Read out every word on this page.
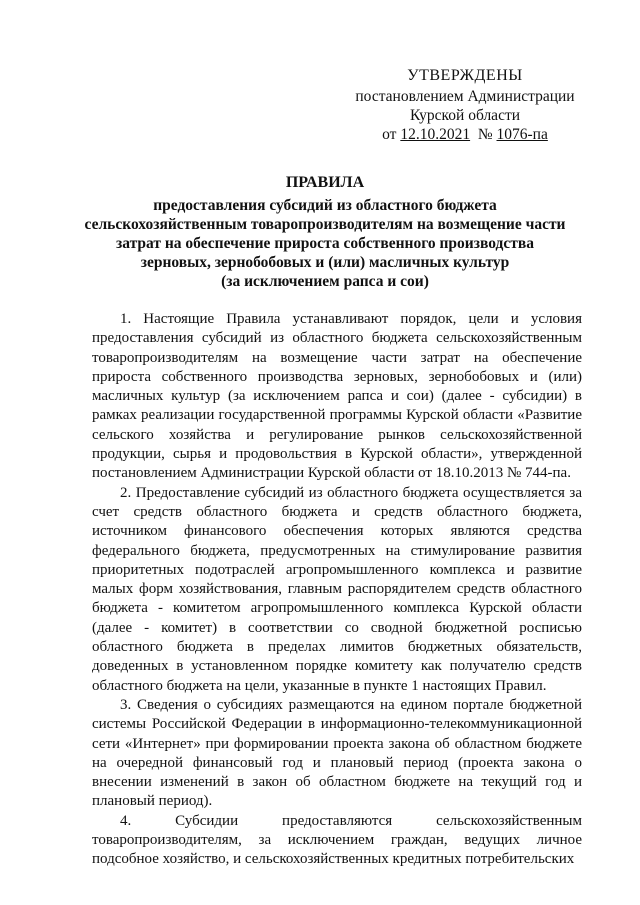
УТВЕРЖДЕНЫ
постановлением Администрации
Курской области
от 12.10.2021 № 1076-па
ПРАВИЛА
предоставления субсидий из областного бюджета
сельскохозяйственным товаропроизводителям на возмещение части
затрат на обеспечение прироста собственного производства
зерновых, зернобобовых и (или) масличных культур
(за исключением рапса и сои)

1. Настоящие Правила устанавливают порядок, цели и условия предоставления субсидий из областного бюджета сельскохозяйственным товаропроизводителям на возмещение части затрат на обеспечение прироста собственного производства зерновых, зернобобовых и (или) масличных культур (за исключением рапса и сои) (далее - субсидии) в рамках реализации государственной программы Курской области «Развитие сельского хозяйства и регулирование рынков сельскохозяйственной продукции, сырья и продовольствия в Курской области», утвержденной постановлением Администрации Курской области от 18.10.2013 № 744-па.

2. Предоставление субсидий из областного бюджета осуществляется за счет средств областного бюджета и средств областного бюджета, источником финансового обеспечения которых являются средства федерального бюджета, предусмотренных на стимулирование развития приоритетных подотраслей агропромышленного комплекса и развитие малых форм хозяйствования, главным распорядителем средств областного бюджета - комитетом агропромышленного комплекса Курской области (далее - комитет) в соответствии со сводной бюджетной росписью областного бюджета в пределах лимитов бюджетных обязательств, доведенных в установленном порядке комитету как получателю средств областного бюджета на цели, указанные в пункте 1 настоящих Правил.

3. Сведения о субсидиях размещаются на едином портале бюджетной системы Российской Федерации в информационно-телекоммуникационной сети «Интернет» при формировании проекта закона об областном бюджете на очередной финансовый год и плановый период (проекта закона о внесении изменений в закон об областном бюджете на текущий год и плановый период).

4. Субсидии предоставляются сельскохозяйственным товаропроизводителям, за исключением граждан, ведущих личное подсобное хозяйство, и сельскохозяйственных кредитных потребительских
